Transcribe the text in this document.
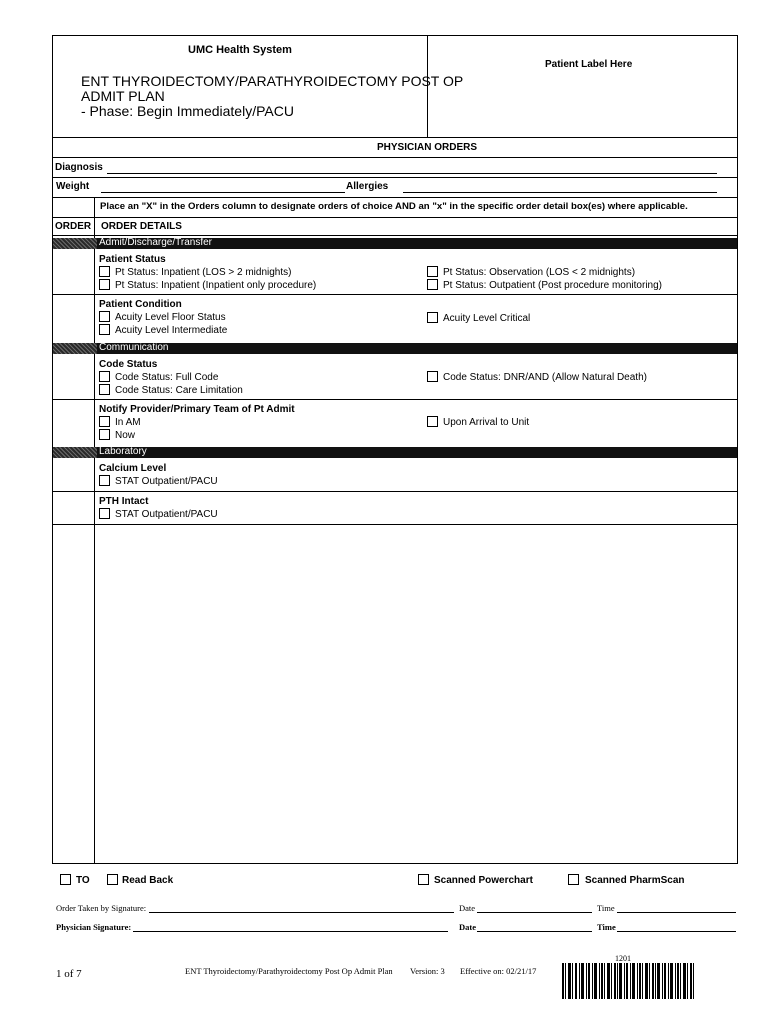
UMC Health System
Patient Label Here
ENT THYROIDECTOMY/PARATHYROIDECTOMY POST OP
ADMIT PLAN
- Phase: Begin Immediately/PACU
PHYSICIAN ORDERS
Diagnosis
Weight	Allergies
Place an "X" in the Orders column to designate orders of choice AND an "x" in the specific order detail box(es) where applicable.
ORDER ORDER DETAILS
Admit/Discharge/Transfer
Patient Status
Pt Status: Inpatient (LOS > 2 midnights)
Pt Status: Inpatient (Inpatient only procedure)
Pt Status: Observation (LOS < 2 midnights)
Pt Status: Outpatient (Post procedure monitoring)
Patient Condition
Acuity Level Floor Status
Acuity Level Intermediate
Acuity Level Critical
Communication
Code Status
Code Status: Full Code
Code Status: Care Limitation
Code Status: DNR/AND (Allow Natural Death)
Notify Provider/Primary Team of Pt Admit
In AM
Now
Upon Arrival to Unit
Laboratory
Calcium Level
STAT Outpatient/PACU
PTH Intact
STAT Outpatient/PACU
TO	Read Back	Scanned Powerchart	Scanned PharmScan
Order Taken by Signature:	Date	Time
Physician Signature:	Date	Time
1 of 7	ENT Thyroidectomy/Parathyroidectomy Post Op Admit Plan Version: 3 Effective on: 02/21/17
1201
